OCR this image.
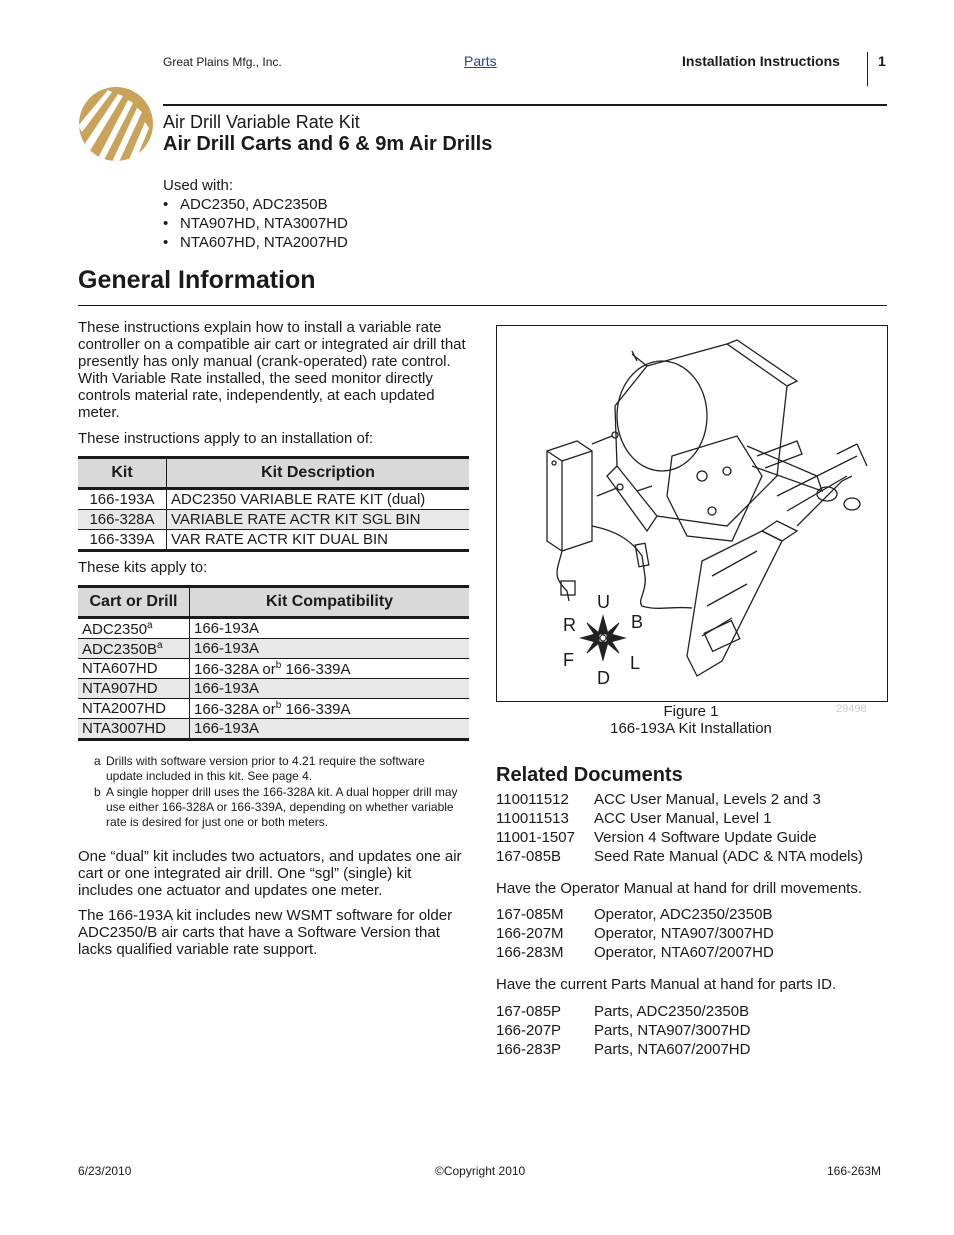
Great Plains Mfg., Inc.	Parts	Installation Instructions	1
Air Drill Variable Rate Kit
Air Drill Carts and 6 & 9m Air Drills
Used with:
• ADC2350, ADC2350B
• NTA907HD, NTA3007HD
• NTA607HD, NTA2007HD
General Information
These instructions explain how to install a variable rate controller on a compatible air cart or integrated air drill that presently has only manual (crank-operated) rate control. With Variable Rate installed, the seed monitor directly controls material rate, independently, at each updated meter.
These instructions apply to an installation of:
Kit	Kit Description
166-193A	ADC2350 VARIABLE RATE KIT (dual)
166-328A	VARIABLE RATE ACTR KIT SGL BIN
166-339A	VAR RATE ACTR KIT DUAL BIN
These kits apply to:
Cart or Drill	Kit Compatibility
ADC2350$^a$	166-193A
$ADC2350B^a$	166-193A
NTA607HD	166-328A $or^b$ 166-339A
NTA907HD	166-193A
NTA2007HD	166-328A $or^b$ 166-339A
NTA3007HD	166-193A
a Drills with software version prior to 4.21 require the software update included in this kit. See page 4.
b A single hopper drill uses the 166-328A kit. A dual hopper drill may use either 166-328A or 166-339A, depending on whether variable rate is desired for just one or both meters.
One “dual” kit includes two actuators, and updates one air cart or one integrated air drill. One “sgl” (single) kit includes one actuator and updates one meter.
The 166-193A kit includes new WSMT software for older ADC2350/B air carts that have a Software Version that lacks qualified variable rate support.
U
R	B
F	L
D
Figure 1
166-193A Kit Installation
29498
Related Documents
110011512	ACC User Manual, Levels 2 and 3
110011513	ACC User Manual, Level 1
11001-1507	Version 4 Software Update Guide
167-085B	Seed Rate Manual (ADC & NTA models)
Have the Operator Manual at hand for drill movements.
167-085M	Operator, ADC2350/2350B
166-207M	Operator, NTA907/3007HD
166-283M	Operator, NTA607/2007HD
Have the current Parts Manual at hand for parts ID.
167-085P	Parts, ADC2350/2350B
166-207P	Parts, NTA907/3007HD
166-283P	Parts, NTA607/2007HD
6/23/2010	©Copyright 2010	166-263M
